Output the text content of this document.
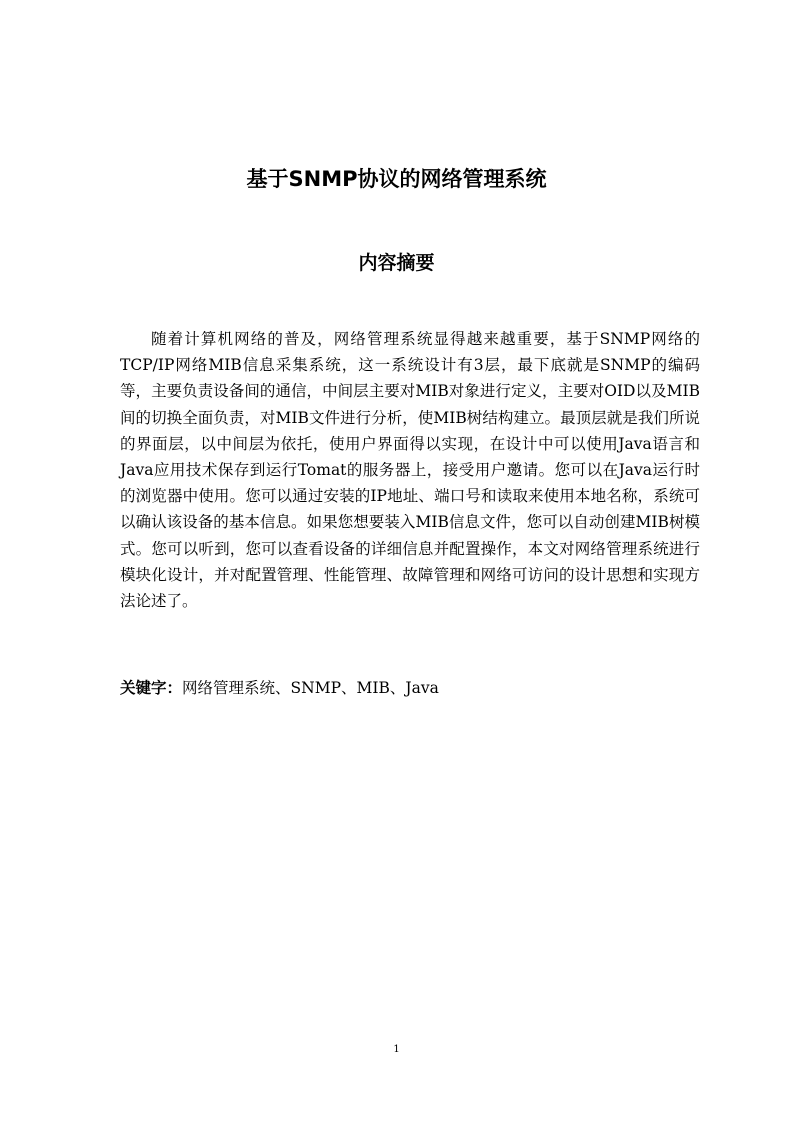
基于SNMP协议的网络管理系统
内容摘要

随着计算机网络的普及，网络管理系统显得越来越重要，基于SNMP网络的TCP/IP网络MIB信息采集系统，这一系统设计有3层，最下底就是SNMP的编码等，主要负责设备间的通信，中间层主要对MIB对象进行定义，主要对OID以及MIB间的切换全面负责，对MIB文件进行分析，使MIB树结构建立。最顶层就是我们所说的界面层，以中间层为依托，使用户界面得以实现，在设计中可以使用Java语言和Java应用技术保存到运行Tomat的服务器上，接受用户邀请。您可以在Java运行时的浏览器中使用。您可以通过安装的IP地址、端口号和读取来使用本地名称，系统可以确认该设备的基本信息。如果您想要装入MIB信息文件，您可以自动创建MIB树模式。您可以听到，您可以查看设备的详细信息并配置操作，本文对网络管理系统进行模块化设计，并对配置管理、性能管理、故障管理和网络可访问的设计思想和实现方法论述了。

关键字：网络管理系统、SNMP、MIB、Java
1
